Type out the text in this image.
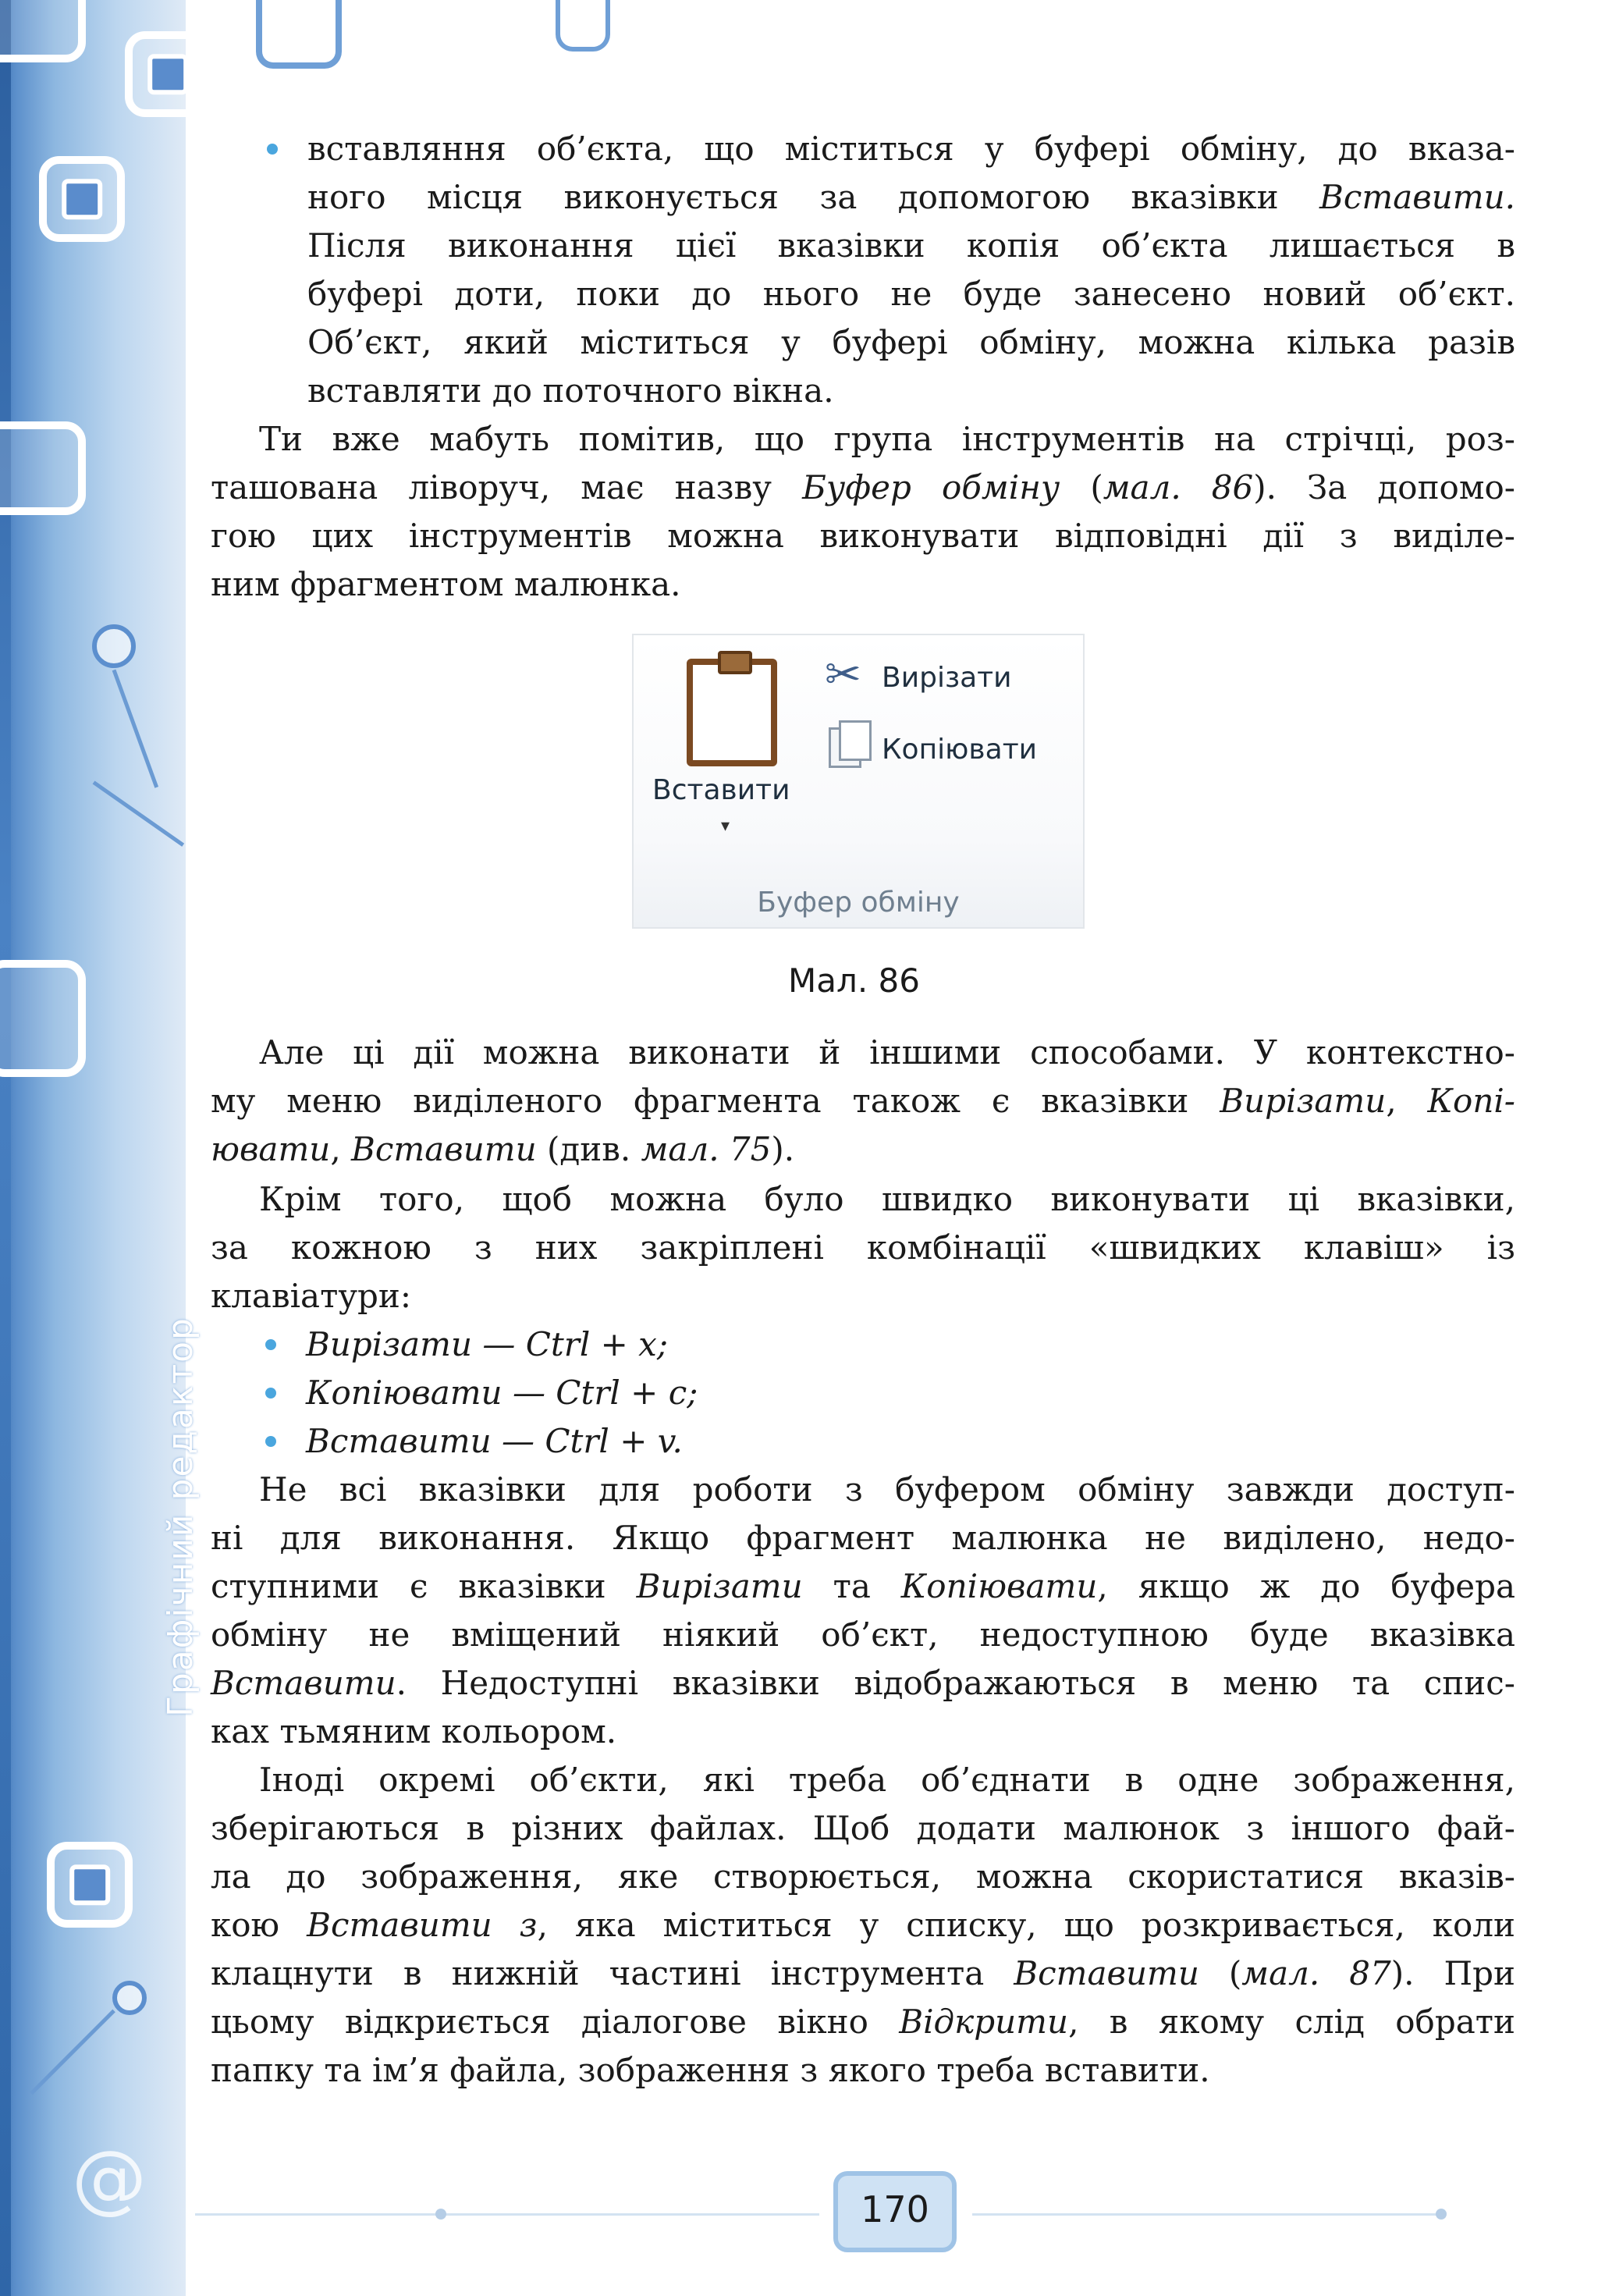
@
Графічний редактор
вставляння об’єкта, що міститься у буфері обміну, до вказа-
ного місця виконується за допомогою вказівки Вставити.
Після виконання цієї вказівки копія об’єкта лишається в
буфері доти, поки до нього не буде занесено новий об’єкт.
Об’єкт, який міститься у буфері обміну, можна кілька разів
вставляти до поточного вікна.
Ти вже мабуть помітив, що група інструментів на стрічці, роз-
ташована ліворуч, має назву Буфер обміну (мал. 86). За допомо-
гою цих інструментів можна виконувати відповідні дії з виділе-
ним фрагментом малюнка.
Вставити
▾
✂ Вирізати
Копіювати
Буфер обміну
Мал. 86
Але ці дії можна виконати й іншими способами. У контекстно-
му меню виділеного фрагмента також є вказівки Вирізати, Копі-
ювати, Вставити (див. мал. 75).
Крім того, щоб можна було швидко виконувати ці вказівки,
за кожною з них закріплені комбінації «швидких клавіш» із
клавіатури:
Вирізати — Ctrl + x;
Копіювати — Ctrl + c;
Вставити — Ctrl + v.
Не всі вказівки для роботи з буфером обміну завжди доступ-
ні для виконання. Якщо фрагмент малюнка не виділено, недо-
ступними є вказівки Вирізати та Копіювати, якщо ж до буфера
обміну не вміщений ніякий об’єкт, недоступною буде вказівка
Вставити. Недоступні вказівки відображаються в меню та спис-
ках тьмяним кольором.
Іноді окремі об’єкти, які треба об’єднати в одне зображення,
зберігаються в різних файлах. Щоб додати малюнок з іншого фай-
ла до зображення, яке створюється, можна скористатися вказів-
кою Вставити з, яка міститься у списку, що розкривається, коли
клацнути в нижній частині інструмента Вставити (мал. 87). При
цьому відкриється діалогове вікно Відкрити, в якому слід обрати
папку та ім’я файла, зображення з якого треба вставити.
170
